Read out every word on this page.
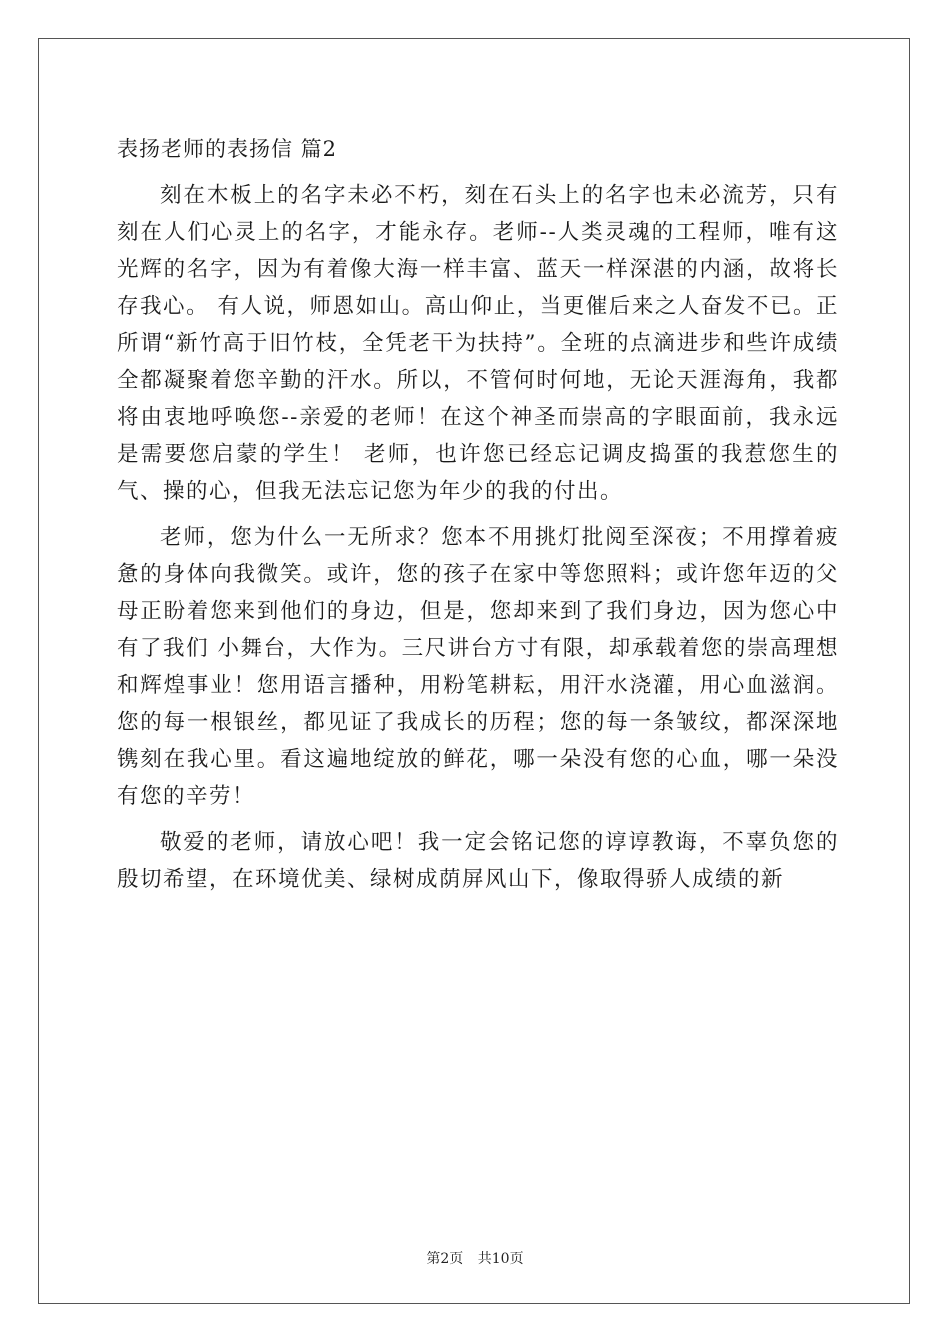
表扬老师的表扬信 篇2

刻在木板上的名字未必不朽，刻在石头上的名字也未必流芳，只有刻在人们心灵上的名字，才能永存。老师--人类灵魂的工程师，唯有这光辉的名字，因为有着像大海一样丰富、蓝天一样深湛的内涵，故将长存我心。 有人说，师恩如山。高山仰止，当更催后来之人奋发不已。正所谓“新竹高于旧竹枝，全凭老干为扶持”。全班的点滴进步和些许成绩全都凝聚着您辛勤的汗水。所以，不管何时何地，无论天涯海角，我都将由衷地呼唤您--亲爱的老师！在这个神圣而崇高的字眼面前，我永远是需要您启蒙的学生！ 老师，也许您已经忘记调皮捣蛋的我惹您生的气、操的心，但我无法忘记您为年少的我的付出。

老师，您为什么一无所求？您本不用挑灯批阅至深夜；不用撑着疲惫的身体向我微笑。或许，您的孩子在家中等您照料；或许您年迈的父母正盼着您来到他们的身边，但是，您却来到了我们身边，因为您心中有了我们 小舞台，大作为。三尺讲台方寸有限，却承载着您的崇高理想和辉煌事业！您用语言播种，用粉笔耕耘，用汗水浇灌，用心血滋润。您的每一根银丝，都见证了我成长的历程；您的每一条皱纹，都深深地镌刻在我心里。看这遍地绽放的鲜花，哪一朵没有您的心血，哪一朵没有您的辛劳！

敬爱的老师，请放心吧！我一定会铭记您的谆谆教诲，不辜负您的殷切希望，在环境优美、绿树成荫屏风山下，像取得骄人成绩的新

第2页 共10页
